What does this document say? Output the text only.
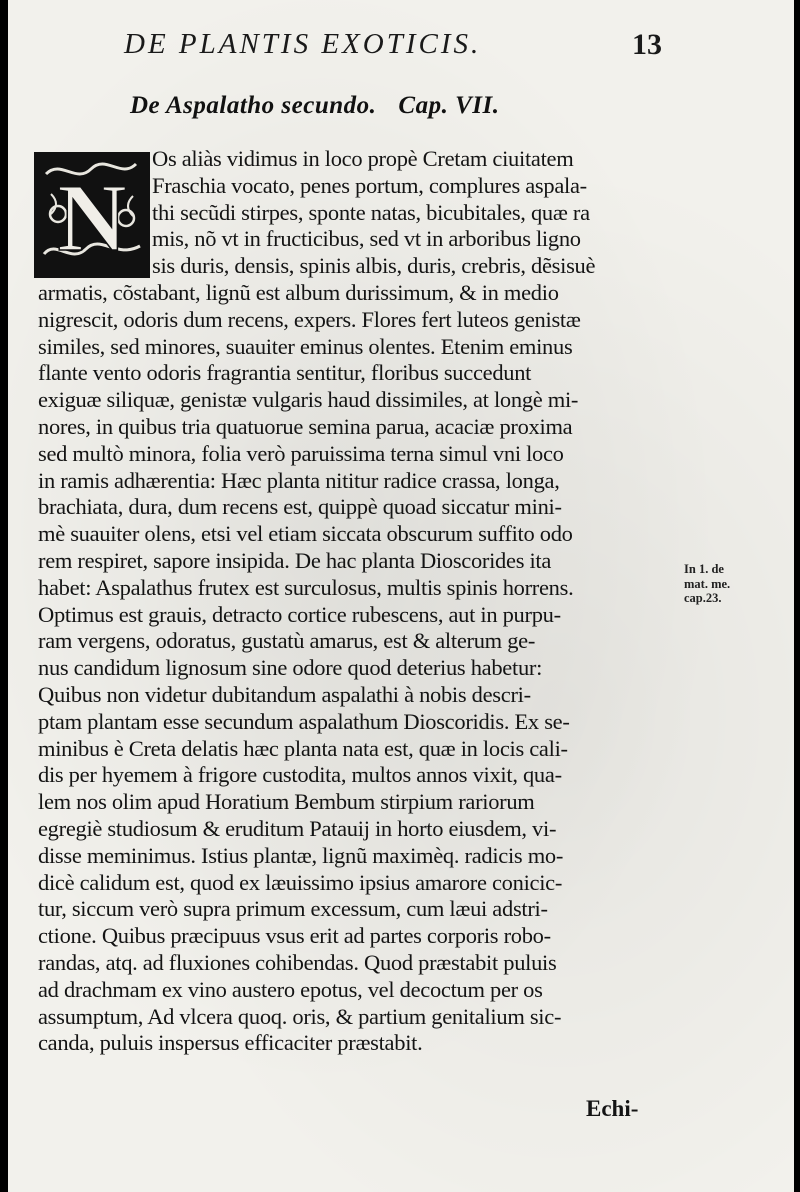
DE PLANTIS EXOTICIS.	13
De Aspalatho secundo. Cap. VII.
N
Os aliàs vidimus in loco propè Cretam ciuitatem
Fraschia vocato, penes portum, complures aspala-
thi secũdi stirpes, sponte natas, bicubitales, quæ ra
mis, nõ vt in fructicibus, sed vt in arboribus ligno
sis duris, densis, spinis albis, duris, crebris, dẽsisuè
armatis, cõstabant, lignũ est album durissimum, & in medio
nigrescit, odoris dum recens, expers. Flores fert luteos genistæ
similes, sed minores, suauiter eminus olentes. Etenim eminus
flante vento odoris fragrantia sentitur, floribus succedunt
exiguæ siliquæ, genistæ vulgaris haud dissimiles, at longè mi-
nores, in quibus tria quatuorue semina parua, acaciæ proxima
sed multò minora, folia verò paruissima terna simul vni loco
in ramis adhærentia: Hæc planta nititur radice crassa, longa,
brachiata, dura, dum recens est, quippè quoad siccatur mini-
mè suauiter olens, etsi vel etiam siccata obscurum suffito odo
rem respiret, sapore insipida. De hac planta Dioscorides ita
habet: Aspalathus frutex est surculosus, multis spinis horrens.
Optimus est grauis, detracto cortice rubescens, aut in purpu-
ram vergens, odoratus, gustatù amarus, est & alterum ge-
nus candidum lignosum sine odore quod deterius habetur:
Quibus non videtur dubitandum aspalathi à nobis descri-
ptam plantam esse secundum aspalathum Dioscoridis. Ex se-
minibus è Creta delatis hæc planta nata est, quæ in locis cali-
dis per hyemem à frigore custodita, multos annos vixit, qua-
lem nos olim apud Horatium Bembum stirpium rariorum
egregiè studiosum & eruditum Patauij in horto eiusdem, vi-
disse meminimus. Istius plantæ, lignũ maximèq. radicis mo-
dicè calidum est, quod ex læuissimo ipsius amarore conicic-
tur, siccum verò supra primum excessum, cum læui adstri-
ctione. Quibus præcipuus vsus erit ad partes corporis robo-
randas, atq. ad fluxiones cohibendas. Quod præstabit puluis
ad drachmam ex vino austero epotus, vel decoctum per os
assumptum, Ad vlcera quoq. oris, & partium genitalium sic-
canda, puluis inspersus efficaciter præstabit.
In 1. de
mat. me.
cap.23.
Echi-
